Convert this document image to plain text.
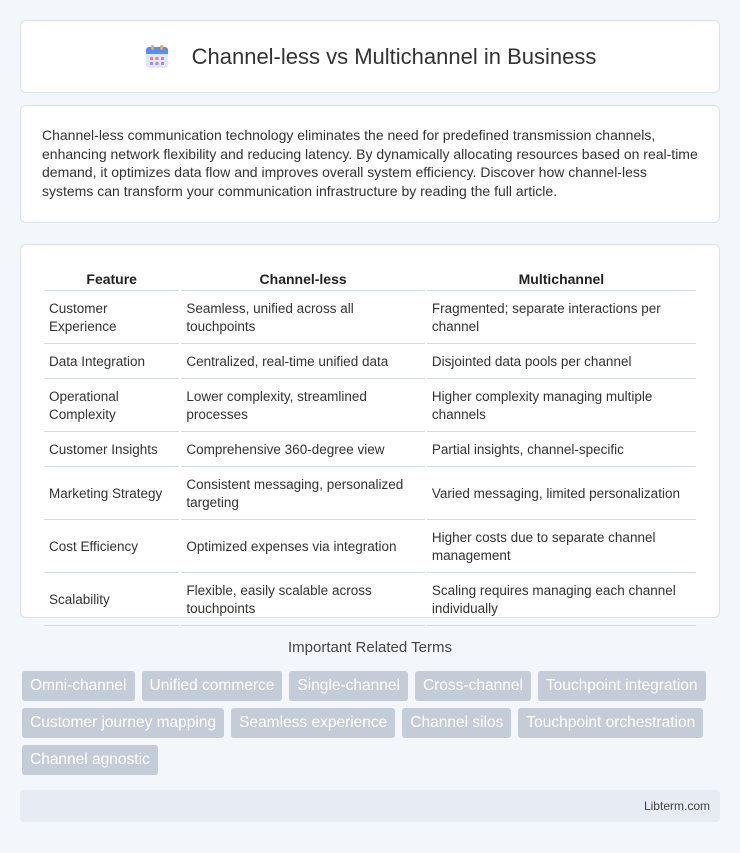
Channel-less vs Multichannel in Business

Channel-less communication technology eliminates the need for predefined transmission channels, enhancing network flexibility and reducing latency. By dynamically allocating resources based on real-time demand, it optimizes data flow and improves overall system efficiency. Discover how channel-less systems can transform your communication infrastructure by reading the full article.

Feature	Channel-less	Multichannel
Customer Experience	Seamless, unified across all touchpoints	Fragmented; separate interactions per channel
Data Integration	Centralized, real-time unified data	Disjointed data pools per channel
Operational Complexity	Lower complexity, streamlined processes	Higher complexity managing multiple channels
Customer Insights	Comprehensive 360-degree view	Partial insights, channel-specific
Marketing Strategy	Consistent messaging, personalized targeting	Varied messaging, limited personalization
Cost Efficiency	Optimized expenses via integration	Higher costs due to separate channel management
Scalability	Flexible, easily scalable across touchpoints	Scaling requires managing each channel individually
Important Related Terms
Omni-channel	Unified commerce	Single-channel	Cross-channel	Touchpoint integration
Customer journey mapping	Seamless experience	Channel silos	Touchpoint orchestration
Channel agnostic
Libterm.com
